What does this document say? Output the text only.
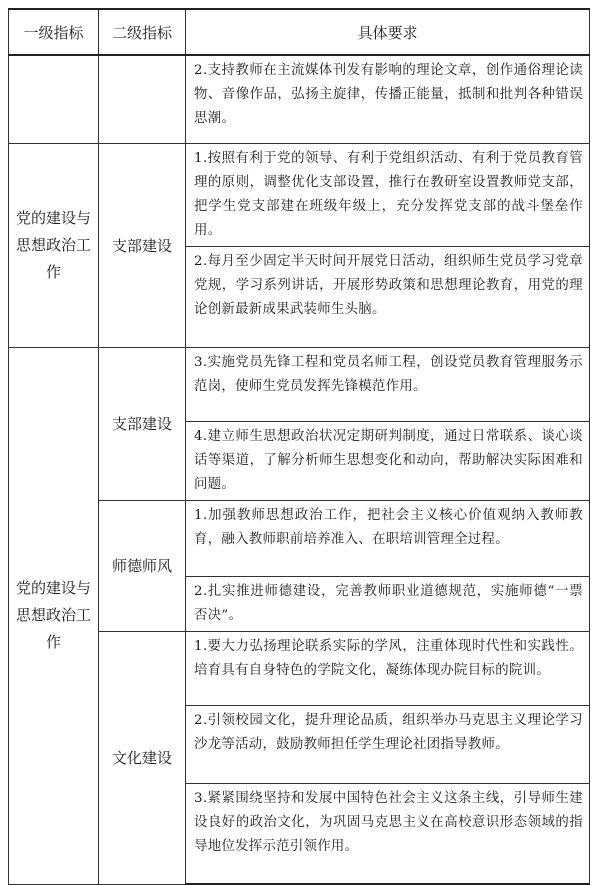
一级指标	二级指标	具体要求
		2.支持教师在主流媒体刊发有影响的理论文章，创作通俗理论读物、音像作品，弘扬主旋律，传播正能量，抵制和批判各种错误思潮。
党的建设与思想政治工作	支部建设	1.按照有利于党的领导、有利于党组织活动、有利于党员教育管理的原则，调整优化支部设置，推行在教研室设置教师党支部，把学生党支部建在班级年级上，充分发挥党支部的战斗堡垒作用。
		2.每月至少固定半天时间开展党日活动，组织师生党员学习党章党规，学习系列讲话，开展形势政策和思想理论教育，用党的理论创新最新成果武装师生头脑。
党的建设与思想政治工作	支部建设	3.实施党员先锋工程和党员名师工程，创设党员教育管理服务示范岗，使师生党员发挥先锋模范作用。
		4.建立师生思想政治状况定期研判制度，通过日常联系、谈心谈话等渠道，了解分析师生思想变化和动向，帮助解决实际困难和问题。
	师德师风	1.加强教师思想政治工作，把社会主义核心价值观纳入教师教育，融入教师职前培养准入、在职培训管理全过程。
		2.扎实推进师德建设，完善教师职业道德规范，实施师德“一票否决”。
	文化建设	1.要大力弘扬理论联系实际的学风，注重体现时代性和实践性。培育具有自身特色的学院文化，凝练体现办院目标的院训。
		2.引领校园文化，提升理论品质，组织举办马克思主义理论学习沙龙等活动，鼓励教师担任学生理论社团指导教师。
		3.紧紧围绕坚持和发展中国特色社会主义这条主线，引导师生建设良好的政治文化，为巩固马克思主义在高校意识形态领域的指导地位发挥示范引领作用。
